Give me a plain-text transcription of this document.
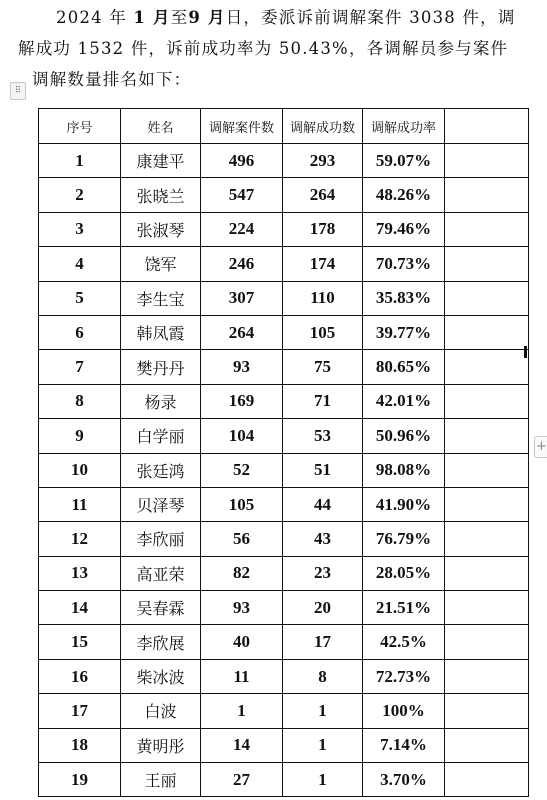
2024 年 1 月至9 月日，委派诉前调解案件 3038 件，调
解成功 1532 件，诉前成功率为 50.43%，各调解员参与案件
调解数量排名如下：
⠿
序号	姓名	调解案件数	调解成功数	调解成功率	
1	康建平	496	293	59.07%	
2	张晓兰	547	264	48.26%	
3	张淑琴	224	178	79.46%	
4	饶军	246	174	70.73%	
5	李生宝	307	110	35.83%	
6	韩凤霞	264	105	39.77%	
7	樊丹丹	93	75	80.65%	
8	杨录	169	71	42.01%	
9	白学丽	104	53	50.96%	
10	张廷鸿	52	51	98.08%	
11	贝泽琴	105	44	41.90%	
12	李欣丽	56	43	76.79%	
13	高亚荣	82	23	28.05%	
14	吴春霖	93	20	21.51%	
15	李欣展	40	17	42.5%	
16	柴冰波	11	8	72.73%	
17	白波	1	1	100%	
18	黄明彤	14	1	7.14%	
19	王丽	27	1	3.70%	
+
